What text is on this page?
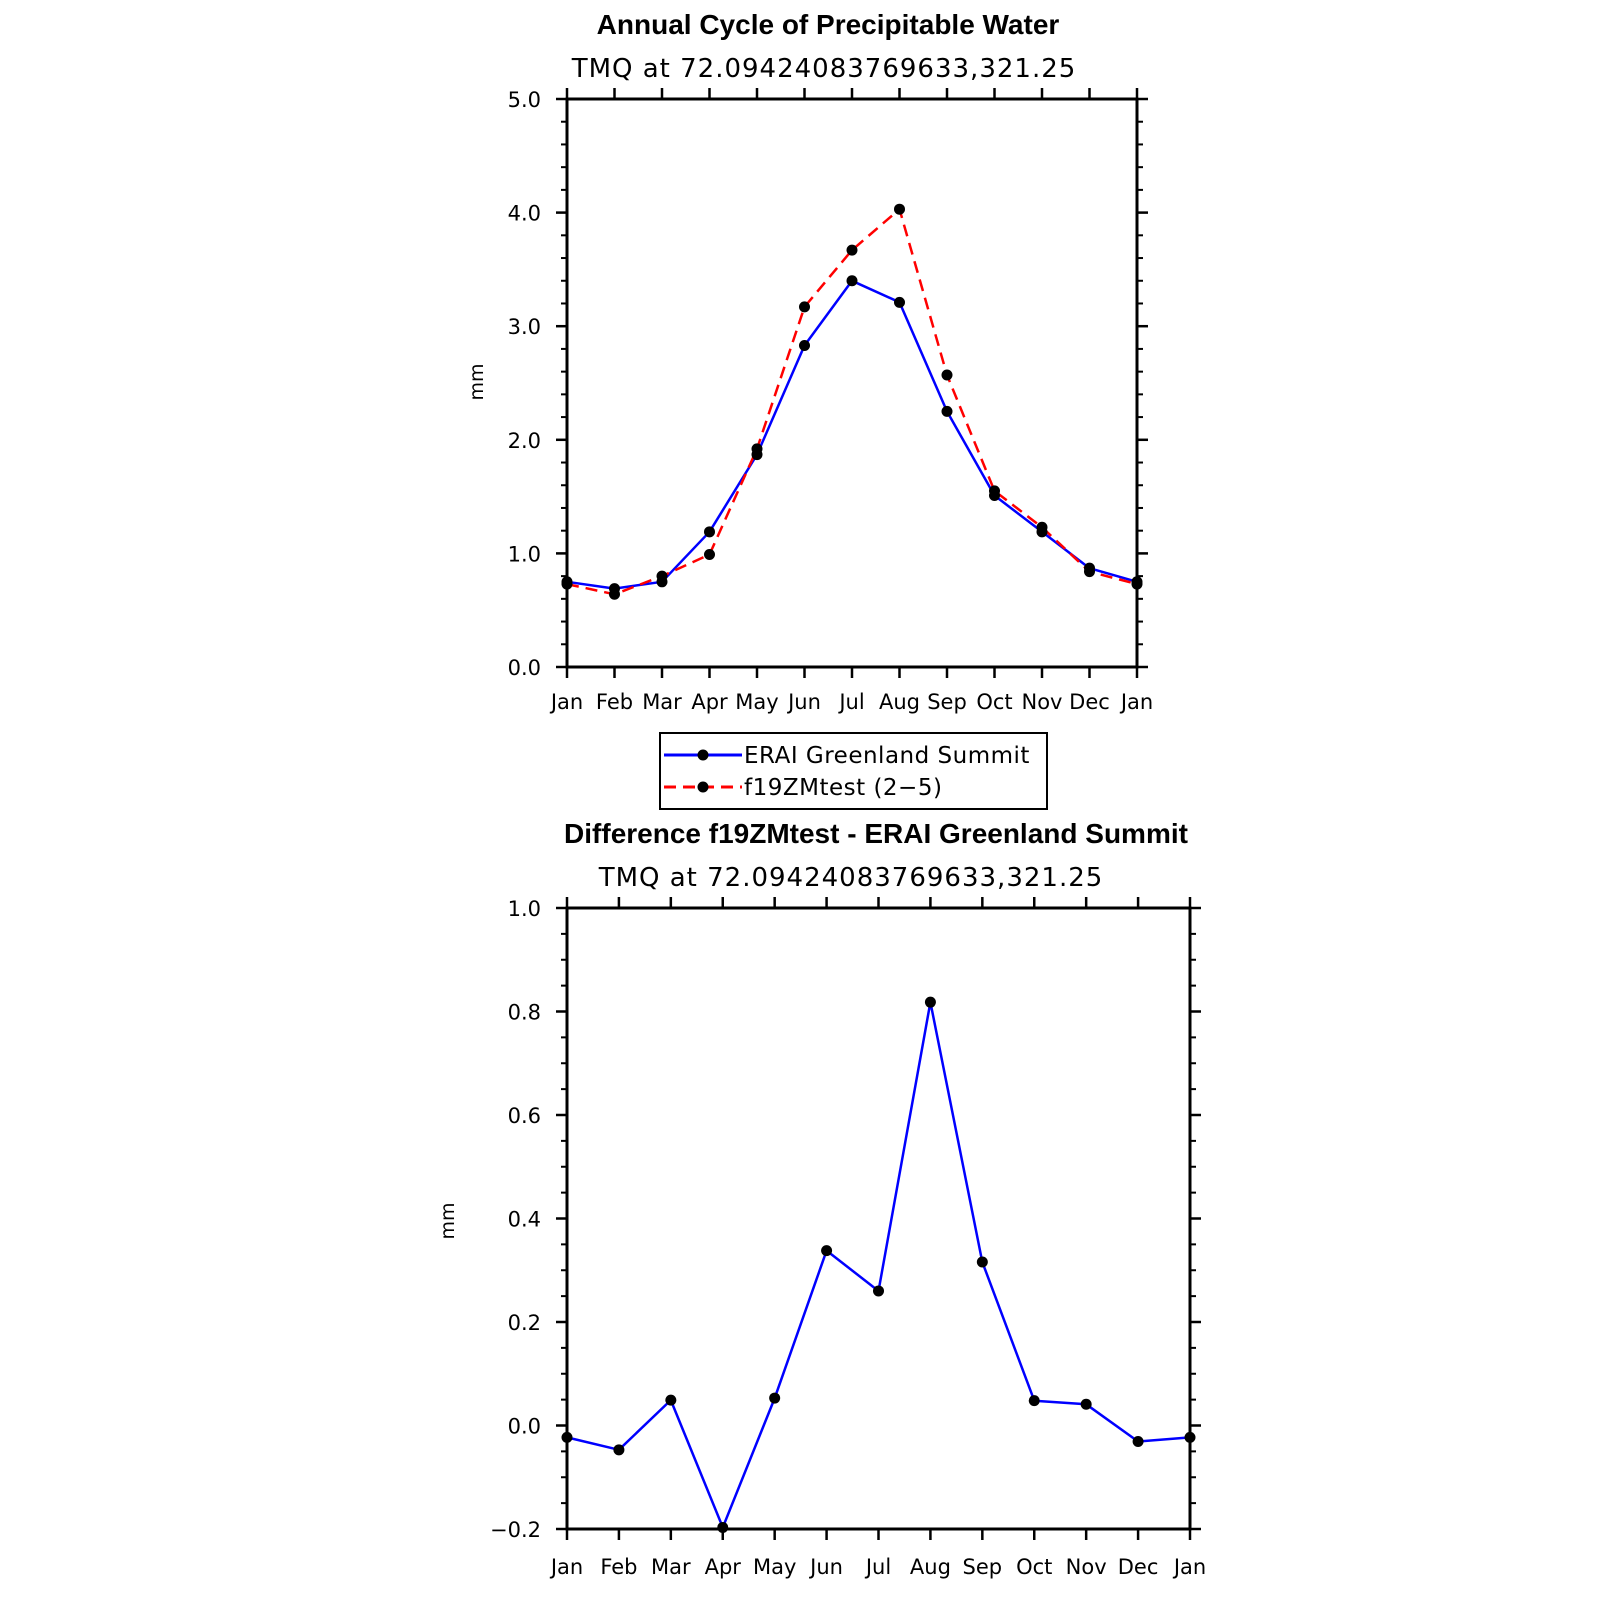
Annual Cycle of Precipitable Water
TMQ at 72.09424083769633,321.25
mm
Jan Feb Mar Apr May Jun Jul Aug Sep Oct Nov Dec Jan
0.0
1.0
2.0
3.0
4.0
5.0
ERAI Greenland Summit
f19ZMtest (2−5)
Difference f19ZMtest - ERAI Greenland Summit
TMQ at 72.09424083769633,321.25
mm
Jan Feb Mar Apr May Jun Jul Aug Sep Oct Nov Dec Jan
−0.2
0.0
0.2
0.4
0.6
0.8
1.0
